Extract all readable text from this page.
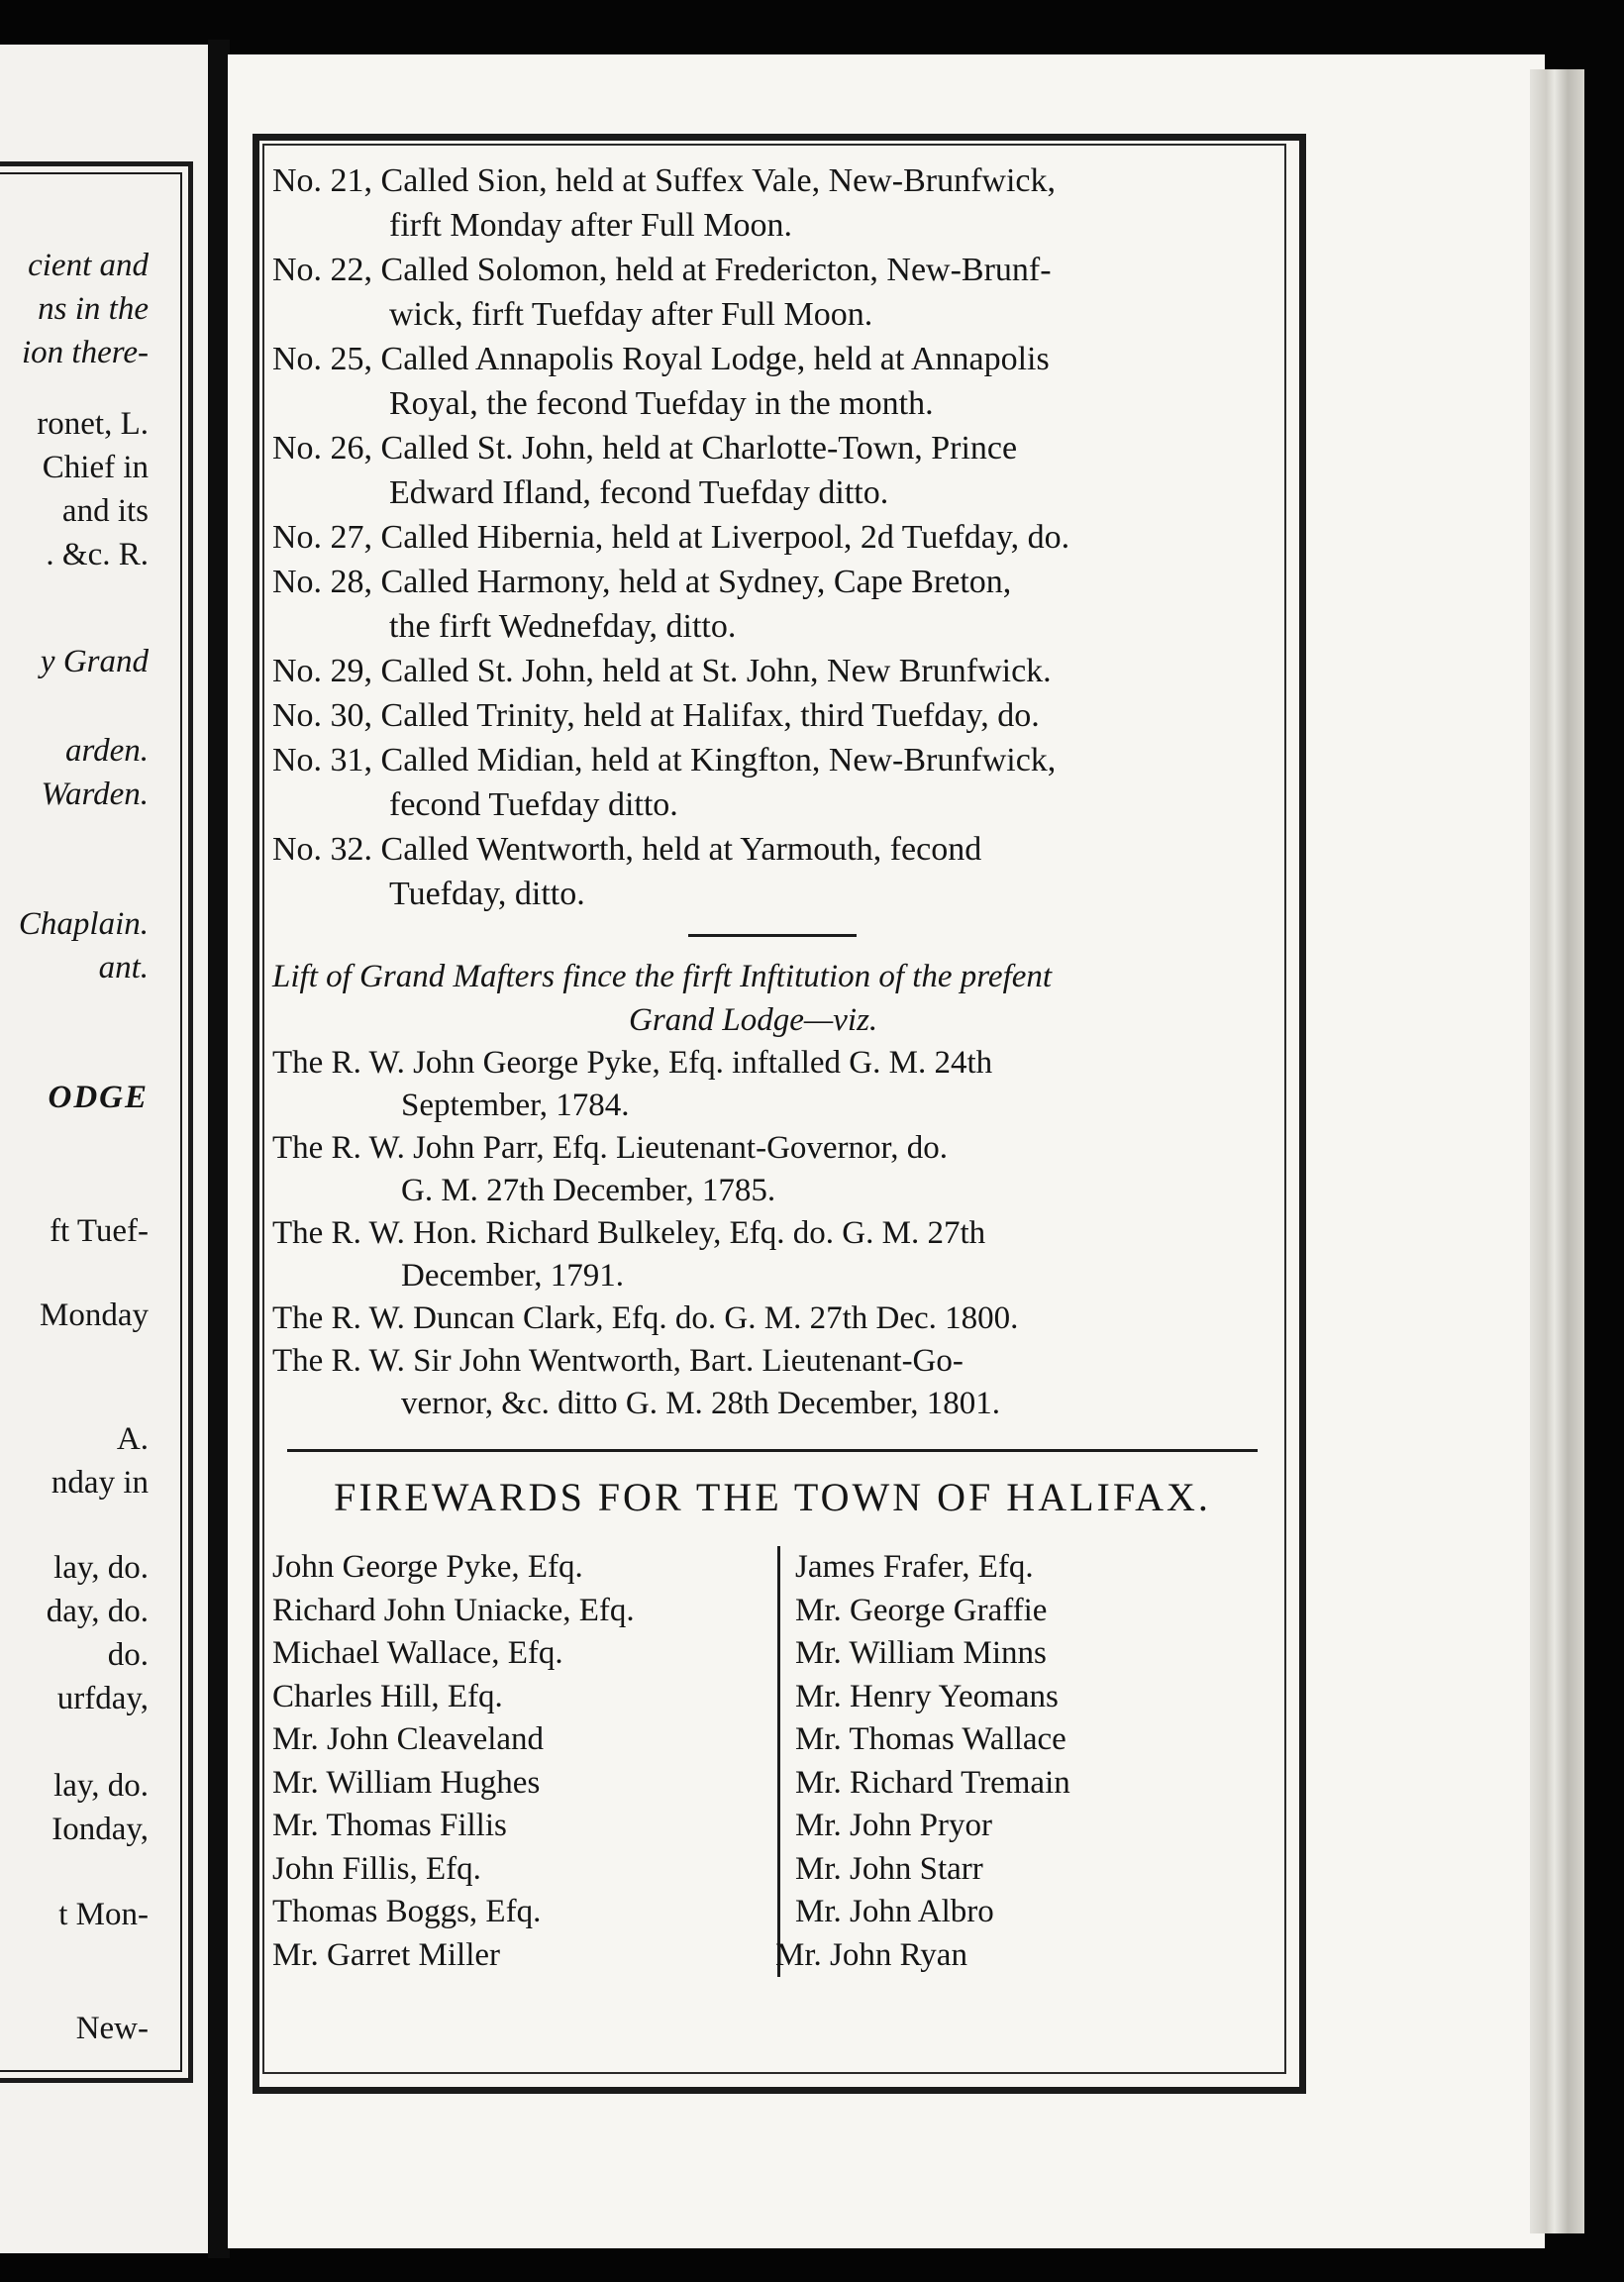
cient and
ns in the
ion there-
ronet, L.
Chief in
and its
. &c. R.
y Grand
arden.
Warden.
Chaplain.
ant.
ODGE
ft Tuef-
Monday
A.
nday in
lay, do.
day, do.
do.
urfday,
lay, do.
Ionday,
t Mon-
New-
No. 21, Called Sion, held at Suffex Vale, New-Brunfwick,
firft Monday after Full Moon.
No. 22, Called Solomon, held at Fredericton, New-Brunf-
wick, firft Tuefday after Full Moon.
No. 25, Called Annapolis Royal Lodge, held at Annapolis
Royal, the fecond Tuefday in the month.
No. 26, Called St. John, held at Charlotte-Town, Prince
Edward Ifland, fecond Tuefday ditto.
No. 27, Called Hibernia, held at Liverpool, 2d Tuefday, do.
No. 28, Called Harmony, held at Sydney, Cape Breton,
the firft Wednefday, ditto.
No. 29, Called St. John, held at St. John, New Brunfwick.
No. 30, Called Trinity, held at Halifax, third Tuefday, do.
No. 31, Called Midian, held at Kingfton, New-Brunfwick,
fecond Tuefday ditto.
No. 32. Called Wentworth, held at Yarmouth, fecond
Tuefday, ditto.
Lift of Grand Mafters fince the firft Inftitution of the prefent
Grand Lodge—viz.
The R. W. John George Pyke, Efq. inftalled G. M. 24th
September, 1784.
The R. W. John Parr, Efq. Lieutenant-Governor, do.
G. M. 27th December, 1785.
The R. W. Hon. Richard Bulkeley, Efq. do. G. M. 27th
December, 1791.
The R. W. Duncan Clark, Efq. do. G. M. 27th Dec. 1800.
The R. W. Sir John Wentworth, Bart. Lieutenant-Go-
vernor, &c. ditto G. M. 28th December, 1801.
FIREWARDS FOR THE TOWN OF HALIFAX.
John George Pyke, Efq.
Richard John Uniacke, Efq.
Michael Wallace, Efq.
Charles Hill, Efq.
Mr. John Cleaveland
Mr. William Hughes
Mr. Thomas Fillis
John Fillis, Efq.
Thomas Boggs, Efq.
Mr. Garret Miller
James Frafer, Efq.
Mr. George Graffie
Mr. William Minns
Mr. Henry Yeomans
Mr. Thomas Wallace
Mr. Richard Tremain
Mr. John Pryor
Mr. John Starr
Mr. John Albro
Mr. John Ryan
